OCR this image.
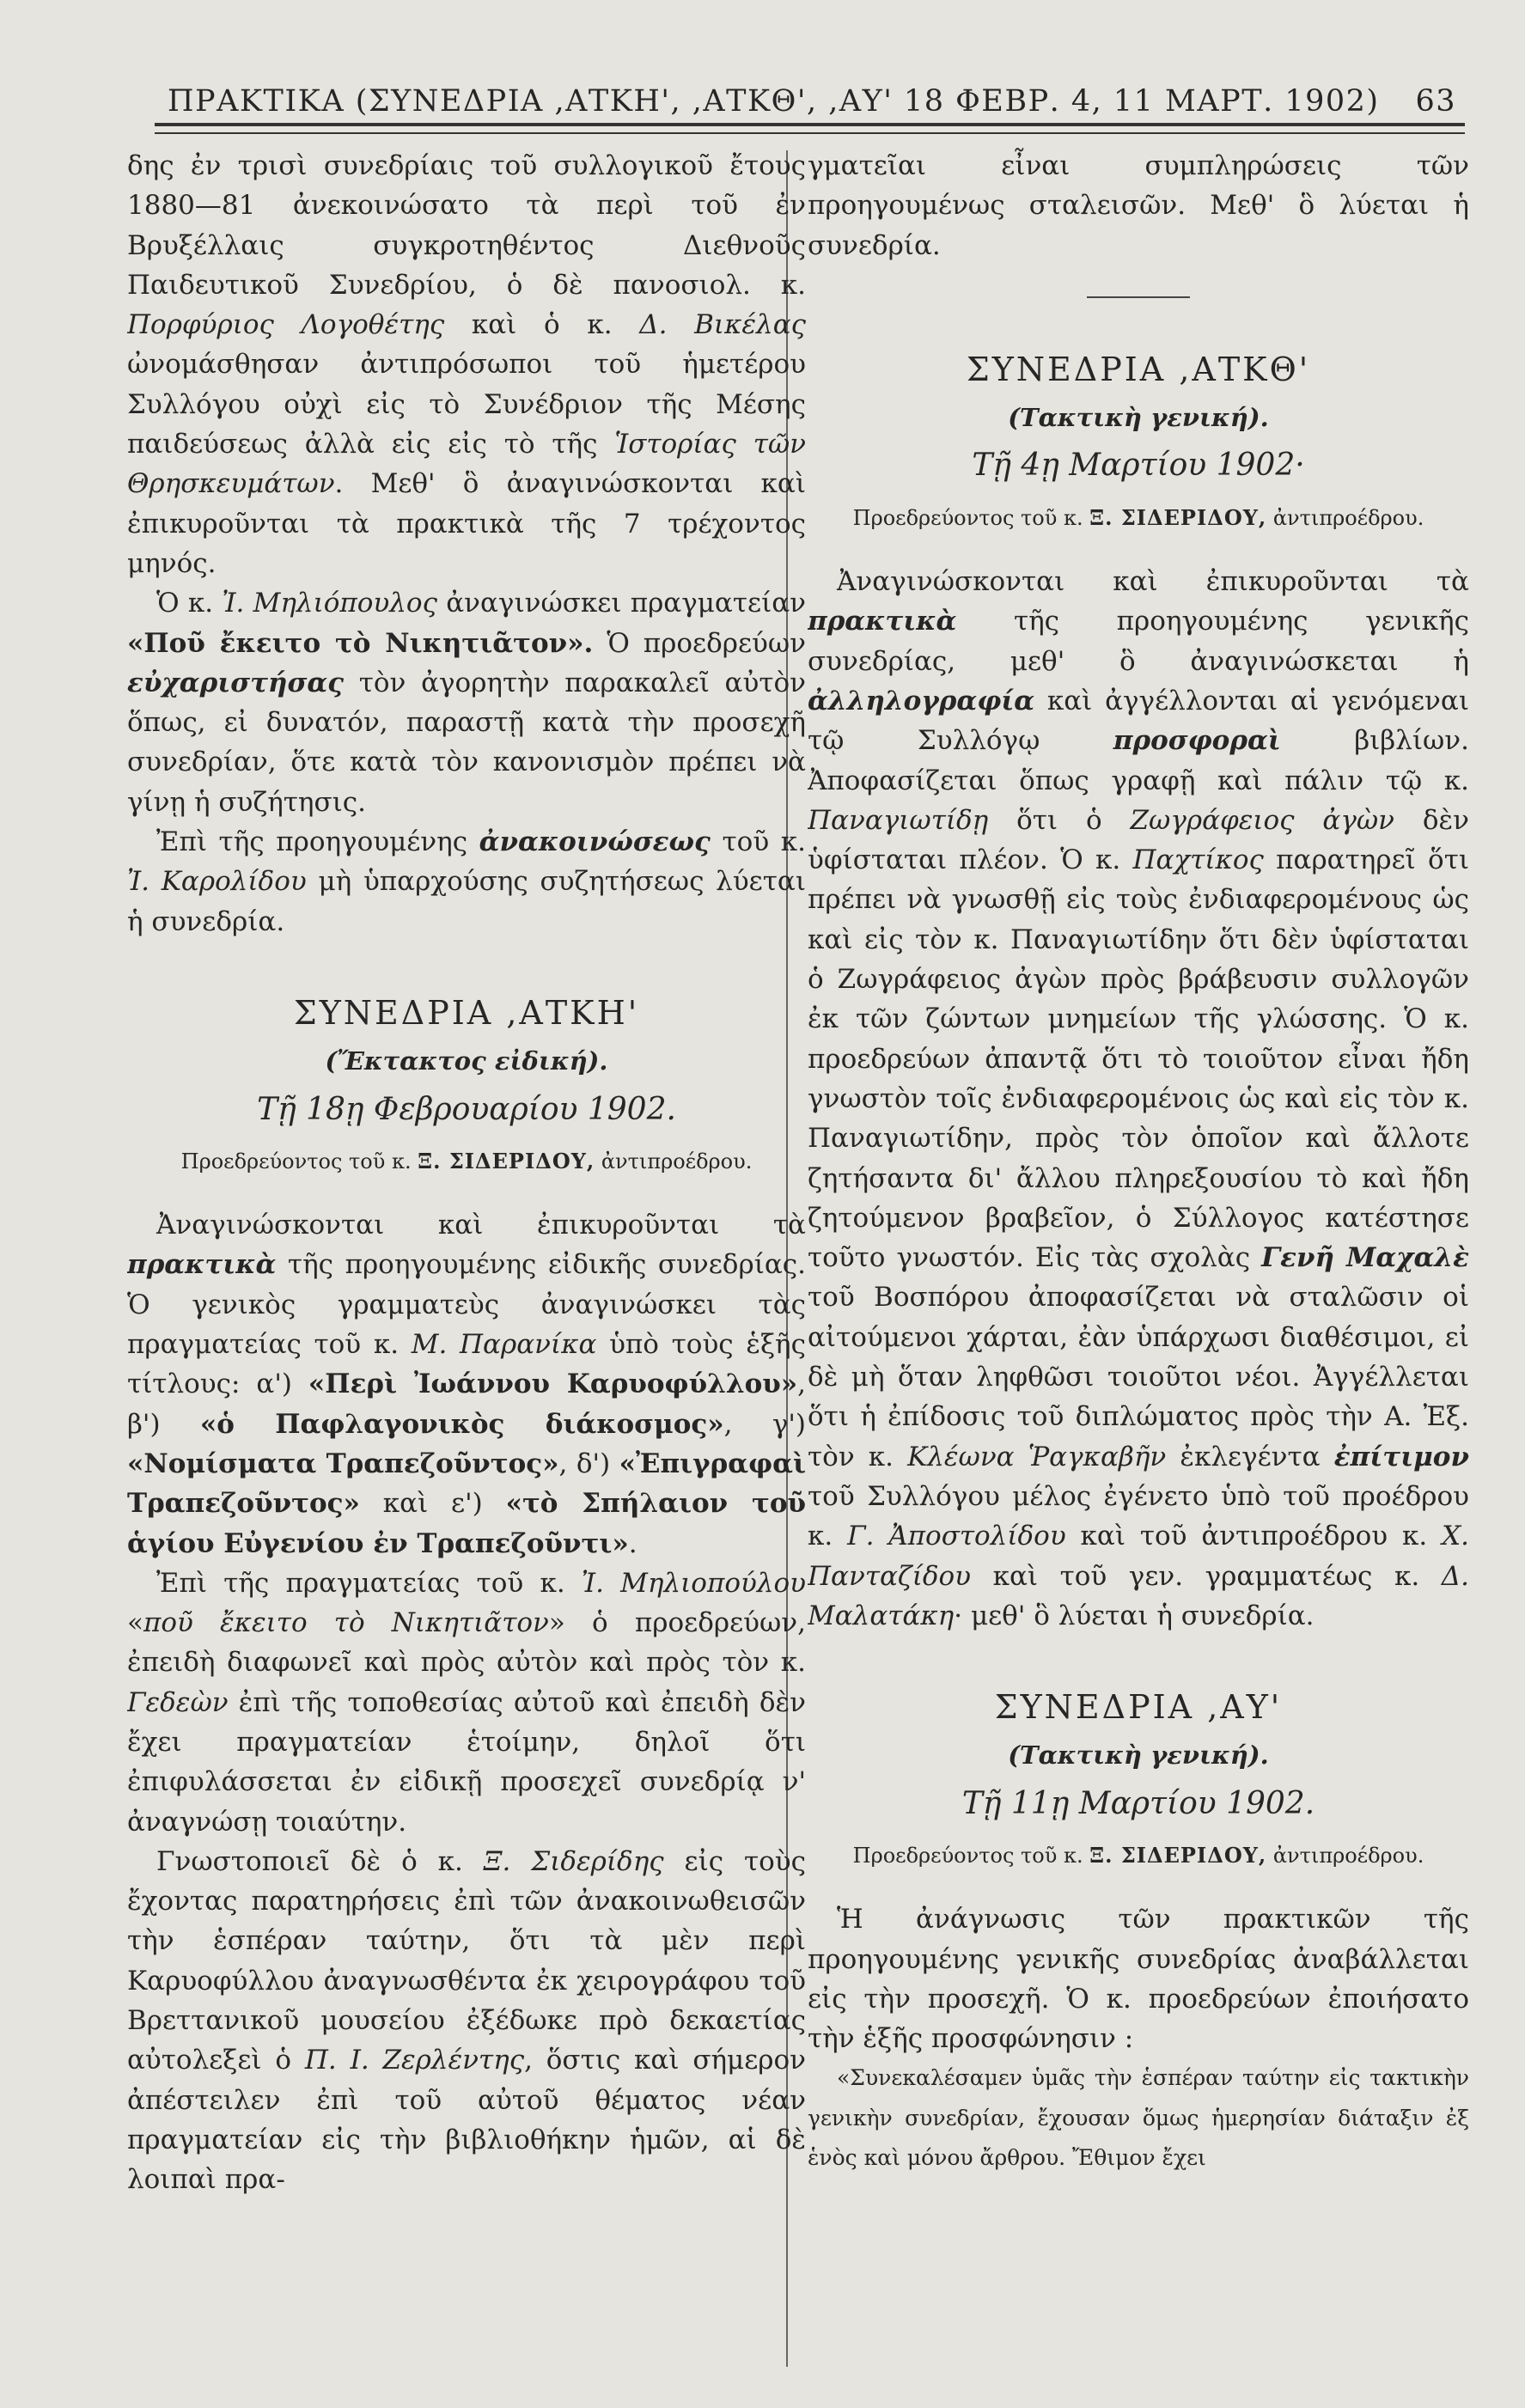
ΠΡΑΚΤΙΚΑ (ΣΥΝΕΔΡΙΑ ,ΑΤΚΗ', ,ΑΤΚΘ', ,ΑΥ' 18 ΦΕΒΡ. 4, 11 ΜΑΡΤ. 1902) 63

δης ἐν τρισὶ συνεδρίαις τοῦ συλλογικοῦ ἔτους 1880—81 ἀνεκοινώσατο τὰ περὶ τοῦ ἐν Βρυξέλλαις συγκροτηθέντος Διεθνοῦς Παιδευτικοῦ Συνεδρίου, ὁ δὲ πανοσιολ. κ. Πορφύριος Λογοθέτης καὶ ὁ κ. Δ. Βικέλας ὠνομάσθησαν ἀντιπρόσωποι τοῦ ἡμετέρου Συλλόγου οὐχὶ εἰς τὸ Συνέδριον τῆς Μέσης παιδεύσεως ἀλλὰ εἰς εἰς τὸ τῆς Ἱστορίας τῶν Θρησκευμάτων. Μεθ' ὃ ἀναγινώσκονται καὶ ἐπικυροῦνται τὰ πρακτικὰ τῆς 7 τρέχοντος μηνός.

Ὁ κ. Ἰ. Μηλιόπουλος ἀναγινώσκει πραγματείαν «Ποῦ ἔκειτο τὸ Νικητιᾶτον». Ὁ προεδρεύων εὐχαριστήσας τὸν ἀγορητὴν παρακαλεῖ αὐτὸν ὅπως, εἰ δυνατόν, παραστῇ κατὰ τὴν προσεχῆ συνεδρίαν, ὅτε κατὰ τὸν κανονισμὸν πρέπει νὰ γίνῃ ἡ συζήτησις.

Ἐπὶ τῆς προηγουμένης ἀνακοινώσεως τοῦ κ. Ἰ. Καρολίδου μὴ ὑπαρχούσης συζητήσεως λύεται ἡ συνεδρία.

ΣΥΝΕΔΡΙΑ ,ΑΤΚΗ'
(Ἔκτακτος εἰδική).
Τῇ 18ῃ Φεβρουαρίου 1902.
Προεδρεύοντος τοῦ κ. Ξ. ΣΙΔΕΡΙΔΟΥ, ἀντιπροέδρου.

Ἀναγινώσκονται καὶ ἐπικυροῦνται τὰ πρακτικὰ τῆς προηγουμένης εἰδικῆς συνεδρίας. Ὁ γενικὸς γραμματεὺς ἀναγινώσκει τὰς πραγματείας τοῦ κ. Μ. Παρανίκα ὑπὸ τοὺς ἑξῆς τίτλους: α') «Περὶ Ἰωάννου Καρυοφύλλου», β') «ὁ Παφλαγονικὸς διάκοσμος», γ') «Νομίσματα Τραπεζοῦντος», δ') «Ἐπιγραφαὶ Τραπεζοῦντος» καὶ ε') «τὸ Σπήλαιον τοῦ ἁγίου Εὐγενίου ἐν Τραπεζοῦντι».

Ἐπὶ τῆς πραγματείας τοῦ κ. Ἰ. Μηλιοπούλου «ποῦ ἔκειτο τὸ Νικητιᾶτον» ὁ προεδρεύων, ἐπειδὴ διαφωνεῖ καὶ πρὸς αὐτὸν καὶ πρὸς τὸν κ. Γεδεὼν ἐπὶ τῆς τοποθεσίας αὐτοῦ καὶ ἐπειδὴ δὲν ἔχει πραγματείαν ἑτοίμην, δηλοῖ ὅτι ἐπιφυλάσσεται ἐν εἰδικῇ προσεχεῖ συνεδρίᾳ ν' ἀναγνώσῃ τοιαύτην.

Γνωστοποιεῖ δὲ ὁ κ. Ξ. Σιδερίδης εἰς τοὺς ἔχοντας παρατηρήσεις ἐπὶ τῶν ἀνακοινωθεισῶν τὴν ἑσπέραν ταύτην, ὅτι τὰ μὲν περὶ Καρυοφύλλου ἀναγνωσθέντα ἐκ χειρογράφου τοῦ Βρεττανικοῦ μουσείου ἐξέδωκε πρὸ δεκαετίας αὐτολεξεὶ ὁ Π. Ι. Ζερλέντης, ὅστις καὶ σήμερον ἀπέστειλεν ἐπὶ τοῦ αὐτοῦ θέματος νέαν πραγματείαν εἰς τὴν βιβλιοθήκην ἡμῶν, αἱ δὲ λοιπαὶ πρα-

γματεῖαι εἶναι συμπληρώσεις τῶν προηγουμένως σταλεισῶν. Μεθ' ὃ λύεται ἡ συνεδρία.

ΣΥΝΕΔΡΙΑ ,ΑΤΚΘ'
(Τακτικὴ γενική).
Τῇ 4ῃ Μαρτίου 1902·
Προεδρεύοντος τοῦ κ. Ξ. ΣΙΔΕΡΙΔΟΥ, ἀντιπροέδρου.

Ἀναγινώσκονται καὶ ἐπικυροῦνται τὰ πρακτικὰ τῆς προηγουμένης γενικῆς συνεδρίας, μεθ' ὃ ἀναγινώσκεται ἡ ἀλληλογραφία καὶ ἀγγέλλονται αἱ γενόμεναι τῷ Συλλόγῳ προσφοραὶ βιβλίων. Ἀποφασίζεται ὅπως γραφῇ καὶ πάλιν τῷ κ. Παναγιωτίδῃ ὅτι ὁ Ζωγράφειος ἀγὼν δὲν ὑφίσταται πλέον. Ὁ κ. Παχτίκος παρατηρεῖ ὅτι πρέπει νὰ γνωσθῇ εἰς τοὺς ἐνδιαφερομένους ὡς καὶ εἰς τὸν κ. Παναγιωτίδην ὅτι δὲν ὑφίσταται ὁ Ζωγράφειος ἀγὼν πρὸς βράβευσιν συλλογῶν ἐκ τῶν ζώντων μνημείων τῆς γλώσσης. Ὁ κ. προεδρεύων ἀπαντᾷ ὅτι τὸ τοιοῦτον εἶναι ἤδη γνωστὸν τοῖς ἐνδιαφερομένοις ὡς καὶ εἰς τὸν κ. Παναγιωτίδην, πρὸς τὸν ὁποῖον καὶ ἄλλοτε ζητήσαντα δι' ἄλλου πληρεξουσίου τὸ καὶ ἤδη ζητούμενον βραβεῖον, ὁ Σύλλογος κατέστησε τοῦτο γνωστόν. Εἰς τὰς σχολὰς Γενῆ Μαχαλὲ τοῦ Βοσπόρου ἀποφασίζεται νὰ σταλῶσιν οἱ αἰτούμενοι χάρται, ἐὰν ὑπάρχωσι διαθέσιμοι, εἰ δὲ μὴ ὅταν ληφθῶσι τοιοῦτοι νέοι. Ἀγγέλλεται ὅτι ἡ ἐπίδοσις τοῦ διπλώματος πρὸς τὴν Α. Ἐξ. τὸν κ. Κλέωνα Ῥαγκαβῆν ἐκλεγέντα ἐπίτιμον τοῦ Συλλόγου μέλος ἐγένετο ὑπὸ τοῦ προέδρου κ. Γ. Ἀποστολίδου καὶ τοῦ ἀντιπροέδρου κ. Χ. Πανταζίδου καὶ τοῦ γεν. γραμματέως κ. Δ. Μαλατάκη· μεθ' ὃ λύεται ἡ συνεδρία.

ΣΥΝΕΔΡΙΑ ,ΑΥ'
(Τακτικὴ γενική).
Τῇ 11ῃ Μαρτίου 1902.
Προεδρεύοντος τοῦ κ. Ξ. ΣΙΔΕΡΙΔΟΥ, ἀντιπροέδρου.

Ἡ ἀνάγνωσις τῶν πρακτικῶν τῆς προηγουμένης γενικῆς συνεδρίας ἀναβάλλεται εἰς τὴν προσεχῆ. Ὁ κ. προεδρεύων ἐποιήσατο τὴν ἑξῆς προσφώνησιν :

«Συνεκαλέσαμεν ὑμᾶς τὴν ἑσπέραν ταύτην εἰς τακτικὴν γενικὴν συνεδρίαν, ἔχουσαν ὅμως ἡμερησίαν διάταξιν ἐξ ἑνὸς καὶ μόνου ἄρθρου. Ἔθιμον ἔχει
